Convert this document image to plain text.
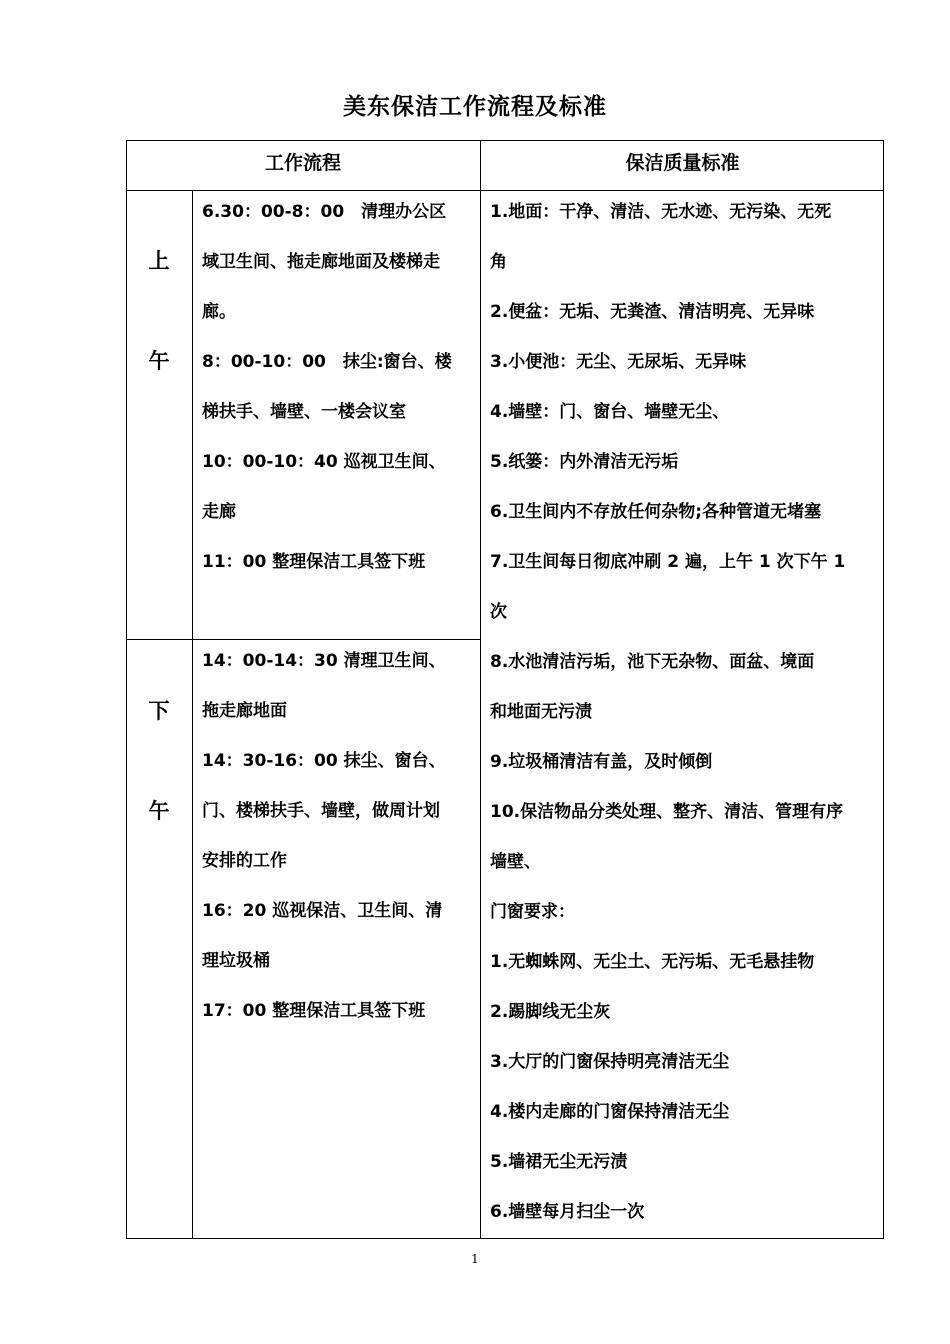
美东保洁工作流程及标准
工作流程	保洁质量标准
上
午
下
午
6.30：00-8：00　清理办公区
域卫生间、拖走廊地面及楼梯走
廊。
8：00-10：00　抹尘:窗台、楼
梯扶手、墙壁、一楼会议室
10：00-10：40 巡视卫生间、
走廊
11：00 整理保洁工具签下班
14：00-14：30 清理卫生间、
拖走廊地面
14：30-16：00 抹尘、窗台、
门、楼梯扶手、墙壁，做周计划
安排的工作
16：20 巡视保洁、卫生间、清
理垃圾桶
17：00 整理保洁工具签下班
1.地面：干净、清洁、无水迹、无污染、无死
角
2.便盆：无垢、无粪渣、清洁明亮、无异味
3.小便池：无尘、无尿垢、无异味
4.墙壁：门、窗台、墙壁无尘、
5.纸篓：内外清洁无污垢
6.卫生间内不存放任何杂物;各种管道无堵塞
7.卫生间每日彻底冲刷 2 遍，上午 1 次下午 1
次
8.水池清洁污垢，池下无杂物、面盆、境面
和地面无污渍
9.垃圾桶清洁有盖，及时倾倒
10.保洁物品分类处理、整齐、清洁、管理有序
墙壁、
门窗要求：
1.无蜘蛛网、无尘土、无污垢、无毛悬挂物
2.踢脚线无尘灰
3.大厅的门窗保持明亮清洁无尘
4.楼内走廊的门窗保持清洁无尘
5.墙裙无尘无污渍
6.墙壁每月扫尘一次
1
